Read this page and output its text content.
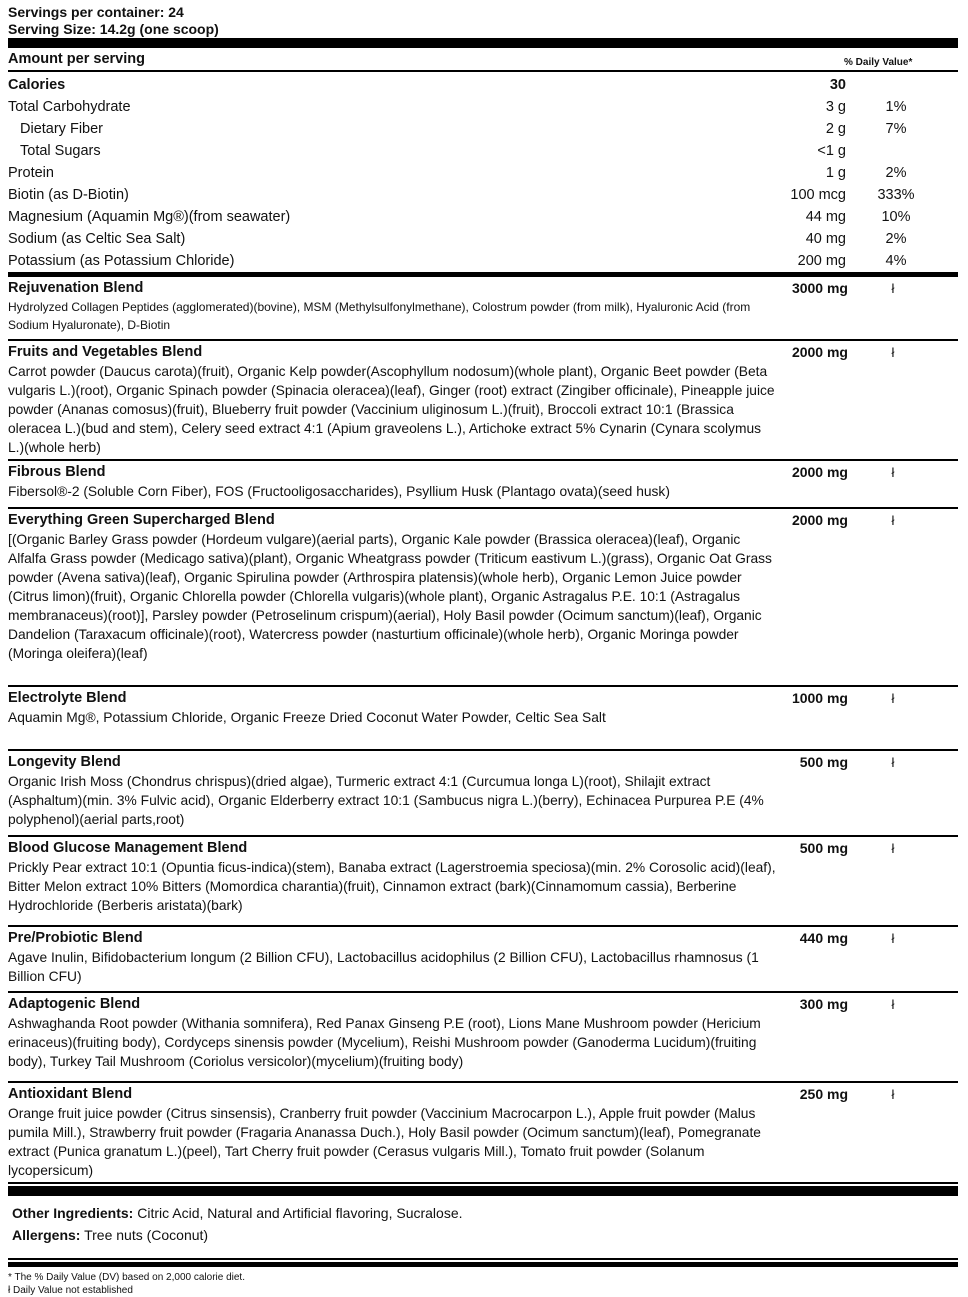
Servings per container: 24
Serving Size: 14.2g (one scoop)
Amount per serving	% Daily Value*
Calories	30
Total Carbohydrate	3 g	1%
Dietary Fiber	2 g	7%
Total Sugars	<1 g
Protein	1 g	2%
Biotin (as D-Biotin)	100 mcg	333%
Magnesium (Aquamin Mg®)(from seawater)	44 mg	10%
Sodium (as Celtic Sea Salt)	40 mg	2%
Potassium (as Potassium Chloride)	200 mg	4%
Rejuvenation Blend	3000 mg	ł
Hydrolyzed Collagen Peptides (agglomerated)(bovine), MSM (Methylsulfonylmethane), Colostrum powder (from milk), Hyaluronic Acid (from Sodium Hyaluronate), D-Biotin
Fruits and Vegetables Blend	2000 mg	ł
Carrot powder (Daucus carota)(fruit), Organic Kelp powder(Ascophyllum nodosum)(whole plant), Organic Beet powder (Beta vulgaris L.)(root), Organic Spinach powder (Spinacia oleracea)(leaf), Ginger (root) extract (Zingiber officinale), Pineapple juice powder (Ananas comosus)(fruit), Blueberry fruit powder (Vaccinium uliginosum L.)(fruit), Broccoli extract 10:1 (Brassica oleracea L.)(bud and stem), Celery seed extract 4:1 (Apium graveolens L.), Artichoke extract 5% Cynarin (Cynara scolymus L.)(whole herb)
Fibrous Blend	2000 mg	ł
Fibersol®-2 (Soluble Corn Fiber), FOS (Fructooligosaccharides), Psyllium Husk (Plantago ovata)(seed husk)
Everything Green Supercharged Blend	2000 mg	ł
[(Organic Barley Grass powder (Hordeum vulgare)(aerial parts), Organic Kale powder (Brassica oleracea)(leaf), Organic Alfalfa Grass powder (Medicago sativa)(plant), Organic Wheatgrass powder (Triticum eastivum L.)(grass), Organic Oat Grass powder (Avena sativa)(leaf), Organic Spirulina powder (Arthrospira platensis)(whole herb), Organic Lemon Juice powder (Citrus limon)(fruit), Organic Chlorella powder (Chlorella vulgaris)(whole plant), Organic Astragalus P.E. 10:1 (Astragalus membranaceus)(root)], Parsley powder (Petroselinum crispum)(aerial), Holy Basil powder (Ocimum sanctum)(leaf), Organic Dandelion (Taraxacum officinale)(root), Watercress powder (nasturtium officinale)(whole herb), Organic Moringa powder (Moringa oleifera)(leaf)
Electrolyte Blend	1000 mg	ł
Aquamin Mg®, Potassium Chloride, Organic Freeze Dried Coconut Water Powder, Celtic Sea Salt
Longevity Blend	500 mg	ł
Organic Irish Moss (Chondrus chrispus)(dried algae), Turmeric extract 4:1 (Curcumua longa L)(root), Shilajit extract (Asphaltum)(min. 3% Fulvic acid), Organic Elderberry extract 10:1 (Sambucus nigra L.)(berry), Echinacea Purpurea P.E (4% polyphenol)(aerial parts,root)
Blood Glucose Management Blend	500 mg	ł
Prickly Pear extract 10:1 (Opuntia ficus-indica)(stem), Banaba extract (Lagerstroemia speciosa)(min. 2% Corosolic acid)(leaf), Bitter Melon extract 10% Bitters (Momordica charantia)(fruit), Cinnamon extract (bark)(Cinnamomum cassia), Berberine Hydrochloride (Berberis aristata)(bark)
Pre/Probiotic Blend	440 mg	ł
Agave Inulin, Bifidobacterium longum (2 Billion CFU), Lactobacillus acidophilus (2 Billion CFU), Lactobacillus rhamnosus (1 Billion CFU)
Adaptogenic Blend	300 mg	ł
Ashwaghanda Root powder (Withania somnifera), Red Panax Ginseng P.E (root), Lions Mane Mushroom powder (Hericium erinaceus)(fruiting body), Cordyceps sinensis powder (Mycelium), Reishi Mushroom powder (Ganoderma Lucidum)(fruiting body), Turkey Tail Mushroom (Coriolus versicolor)(mycelium)(fruiting body)
Antioxidant Blend	250 mg	ł
Orange fruit juice powder (Citrus sinsensis), Cranberry fruit powder (Vaccinium Macrocarpon L.), Apple fruit powder (Malus pumila Mill.), Strawberry fruit powder (Fragaria Ananassa Duch.), Holy Basil powder (Ocimum sanctum)(leaf), Pomegranate extract (Punica granatum L.)(peel), Tart Cherry fruit powder (Cerasus vulgaris Mill.), Tomato fruit powder (Solanum lycopersicum)
Other Ingredients: Citric Acid, Natural and Artificial flavoring, Sucralose.
Allergens: Tree nuts (Coconut)
* The % Daily Value (DV) based on 2,000 calorie diet.
ł Daily Value not established
